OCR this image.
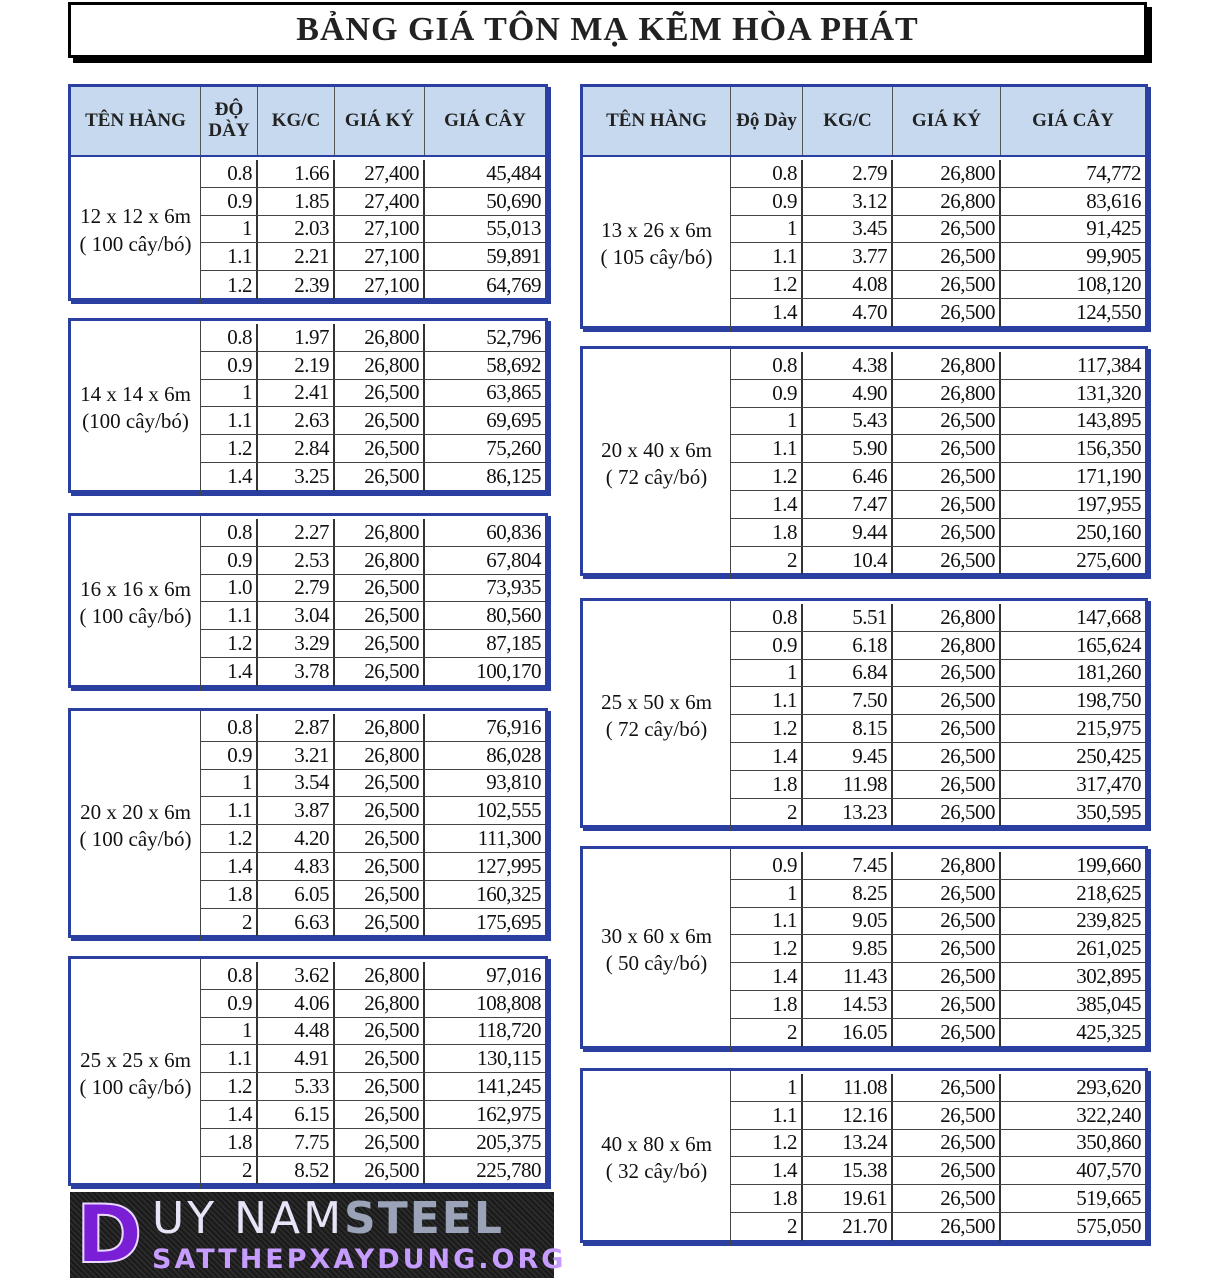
BẢNG GIÁ TÔN MẠ KẼM HÒA PHÁT
TÊN HÀNG	ĐỘ DÀY	KG/C	GIÁ KÝ	GIÁ CÂY
12 x 12 x 6m
( 100 cây/bó)
0.8	1.66	27,400	45,484
0.9	1.85	27,400	50,690
1	2.03	27,100	55,013
1.1	2.21	27,100	59,891
1.2	2.39	27,100	64,769
14 x 14 x 6m
(100 cây/bó)
0.8	1.97	26,800	52,796
0.9	2.19	26,800	58,692
1	2.41	26,500	63,865
1.1	2.63	26,500	69,695
1.2	2.84	26,500	75,260
1.4	3.25	26,500	86,125
16 x 16 x 6m
( 100 cây/bó)
0.8	2.27	26,800	60,836
0.9	2.53	26,800	67,804
1.0	2.79	26,500	73,935
1.1	3.04	26,500	80,560
1.2	3.29	26,500	87,185
1.4	3.78	26,500	100,170
20 x 20 x 6m
( 100 cây/bó)
0.8	2.87	26,800	76,916
0.9	3.21	26,800	86,028
1	3.54	26,500	93,810
1.1	3.87	26,500	102,555
1.2	4.20	26,500	111,300
1.4	4.83	26,500	127,995
1.8	6.05	26,500	160,325
2	6.63	26,500	175,695
25 x 25 x 6m
( 100 cây/bó)
0.8	3.62	26,800	97,016
0.9	4.06	26,800	108,808
1	4.48	26,500	118,720
1.1	4.91	26,500	130,115
1.2	5.33	26,500	141,245
1.4	6.15	26,500	162,975
1.8	7.75	26,500	205,375
2	8.52	26,500	225,780
TÊN HÀNG	Độ Dày	KG/C	GIÁ KÝ	GIÁ CÂY
13 x 26 x 6m
( 105 cây/bó)
0.8	2.79	26,800	74,772
0.9	3.12	26,800	83,616
1	3.45	26,500	91,425
1.1	3.77	26,500	99,905
1.2	4.08	26,500	108,120
1.4	4.70	26,500	124,550
20 x 40 x 6m
( 72 cây/bó)
0.8	4.38	26,800	117,384
0.9	4.90	26,800	131,320
1	5.43	26,500	143,895
1.1	5.90	26,500	156,350
1.2	6.46	26,500	171,190
1.4	7.47	26,500	197,955
1.8	9.44	26,500	250,160
2	10.4	26,500	275,600
25 x 50 x 6m
( 72 cây/bó)
0.8	5.51	26,800	147,668
0.9	6.18	26,800	165,624
1	6.84	26,500	181,260
1.1	7.50	26,500	198,750
1.2	8.15	26,500	215,975
1.4	9.45	26,500	250,425
1.8	11.98	26,500	317,470
2	13.23	26,500	350,595
30 x 60 x 6m
( 50 cây/bó)
0.9	7.45	26,800	199,660
1	8.25	26,500	218,625
1.1	9.05	26,500	239,825
1.2	9.85	26,500	261,025
1.4	11.43	26,500	302,895
1.8	14.53	26,500	385,045
2	16.05	26,500	425,325
40 x 80 x 6m
( 32 cây/bó)
1	11.08	26,500	293,620
1.1	12.16	26,500	322,240
1.2	13.24	26,500	350,860
1.4	15.38	26,500	407,570
1.8	19.61	26,500	519,665
2	21.70	26,500	575,050
D UY NAMSTEEL
SATTHEPXAYDUNG.ORG
